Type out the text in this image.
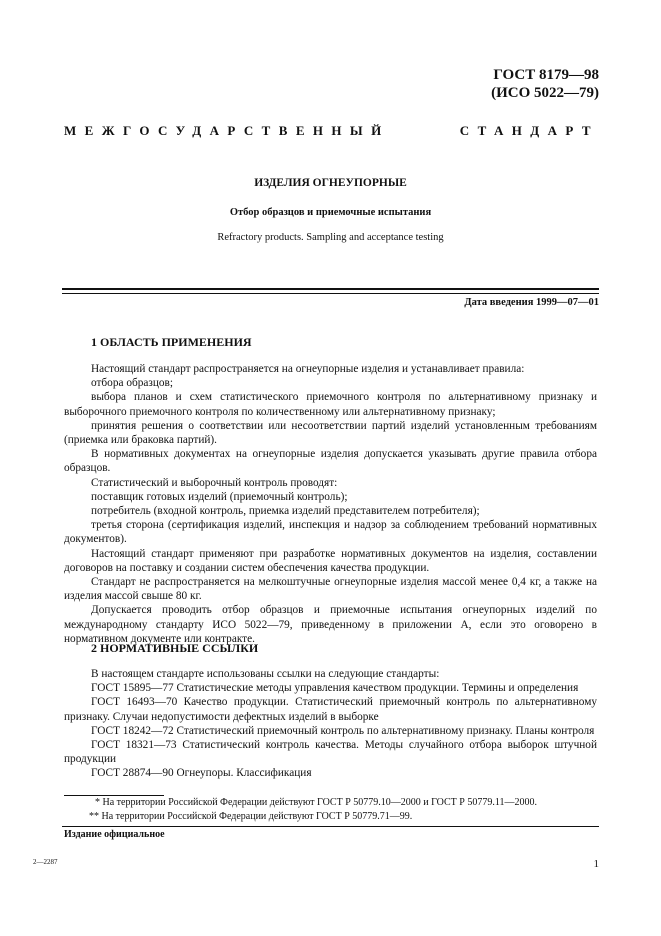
ГОСТ 8179—98
(ИСО 5022—79)
МЕЖГОСУДАРСТВЕННЫЙ	СТАНДАРТ
ИЗДЕЛИЯ ОГНЕУПОРНЫЕ
Отбор образцов и приемочные испытания
Refractory products. Sampling and acceptance testing
Дата введения 1999—07—01
1 ОБЛАСТЬ ПРИМЕНЕНИЯ

Настоящий стандарт распространяется на огнеупорные изделия и устанавливает правила:

отбора образцов;

выбора планов и схем статистического приемочного контроля по альтернативному признаку и выборочного приемочного контроля по количественному или альтернативному признаку;

принятия решения о соответствии или несоответствии партий изделий установленным требованиям (приемка или браковка партий).

В нормативных документах на огнеупорные изделия допускается указывать другие правила отбора образцов.

Статистический и выборочный контроль проводят:

поставщик готовых изделий (приемочный контроль);

потребитель (входной контроль, приемка изделий представителем потребителя);

третья сторона (сертификация изделий, инспекция и надзор за соблюдением требований нормативных документов).

Настоящий стандарт применяют при разработке нормативных документов на изделия, составлении договоров на поставку и создании систем обеспечения качества продукции.

Стандарт не распространяется на мелкоштучные огнеупорные изделия массой менее 0,4 кг, а также на изделия массой свыше 80 кг.

Допускается проводить отбор образцов и приемочные испытания огнеупорных изделий по международному стандарту ИСО 5022—79, приведенному в приложении А, если это оговорено в нормативном документе или контракте.

2 НОРМАТИВНЫЕ ССЫЛКИ

В настоящем стандарте использованы ссылки на следующие стандарты:

ГОСТ 15895—77 Статистические методы управления качеством продукции. Термины и определения

ГОСТ 16493—70 Качество продукции. Статистический приемочный контроль по альтернативному признаку. Случаи недопустимости дефектных изделий в выборке

ГОСТ 18242—72 Статистический приемочный контроль по альтернативному признаку. Планы контроля

ГОСТ 18321—73 Статистический контроль качества. Методы случайного отбора выборок штучной продукции

ГОСТ 28874—90 Огнеупоры. Классификация

* На территории Российской Федерации действуют ГОСТ Р 50779.10—2000 и ГОСТ Р 50779.11—2000.
** На территории Российской Федерации действуют ГОСТ Р 50779.71—99.
Издание официальное
2—2287	1
